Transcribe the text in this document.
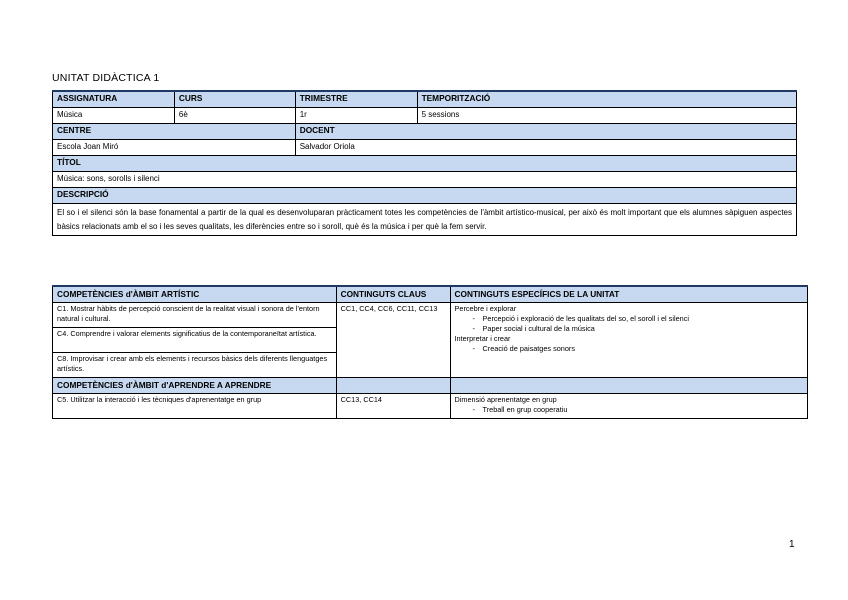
UNITAT DIDÀCTICA 1
ASSIGNATURA	CURS	TRIMESTRE	TEMPORITZACIÓ
Música	6è	1r	5 sessions
CENTRE		DOCENT	
Escola Joan Miró		Salvador Oriola	
TÍTOL			
Música: sons, sorolls i silenci			
DESCRIPCIÓ			
El so i el silenci són la base fonamental a partir de la qual es desenvoluparan pràcticament totes les competències de l'àmbit artístico-musical, per això és molt important que els alumnes sàpiguen aspectes bàsics relacionats amb el so i les seves qualitats, les diferències entre so i soroll, què és la música i per què la fem servir.			
COMPETÈNCIES d'ÀMBIT ARTÍSTIC	CONTINGUTS CLAUS	CONTINGUTS ESPECÍFICS DE LA UNITAT
C1. Mostrar hàbits de percepció conscient de la realitat visual i sonora de l'entorn natural i cultural.	CC1, CC4, CC6, CC11, CC13	Percebre i explorar
- Percepció i exploració de les qualitats del so, el soroll i el silenci
- Paper social i cultural de la música
Interpretar i crear
- Creació de paisatges sonors

C4. Comprendre i valorar elements significatius de la contemporaneïtat artística.		
C8. Improvisar i crear amb els elements i recursos bàsics dels diferents llenguatges artístics.		
COMPETÈNCIES d'ÀMBIT d'APRENDRE A APRENDRE		
C5. Utilitzar la interacció i les tècniques d'aprenentatge en grup	CC13, CC14	Dimensió aprenentatge en grup
- Treball en grup cooperatiu
1
